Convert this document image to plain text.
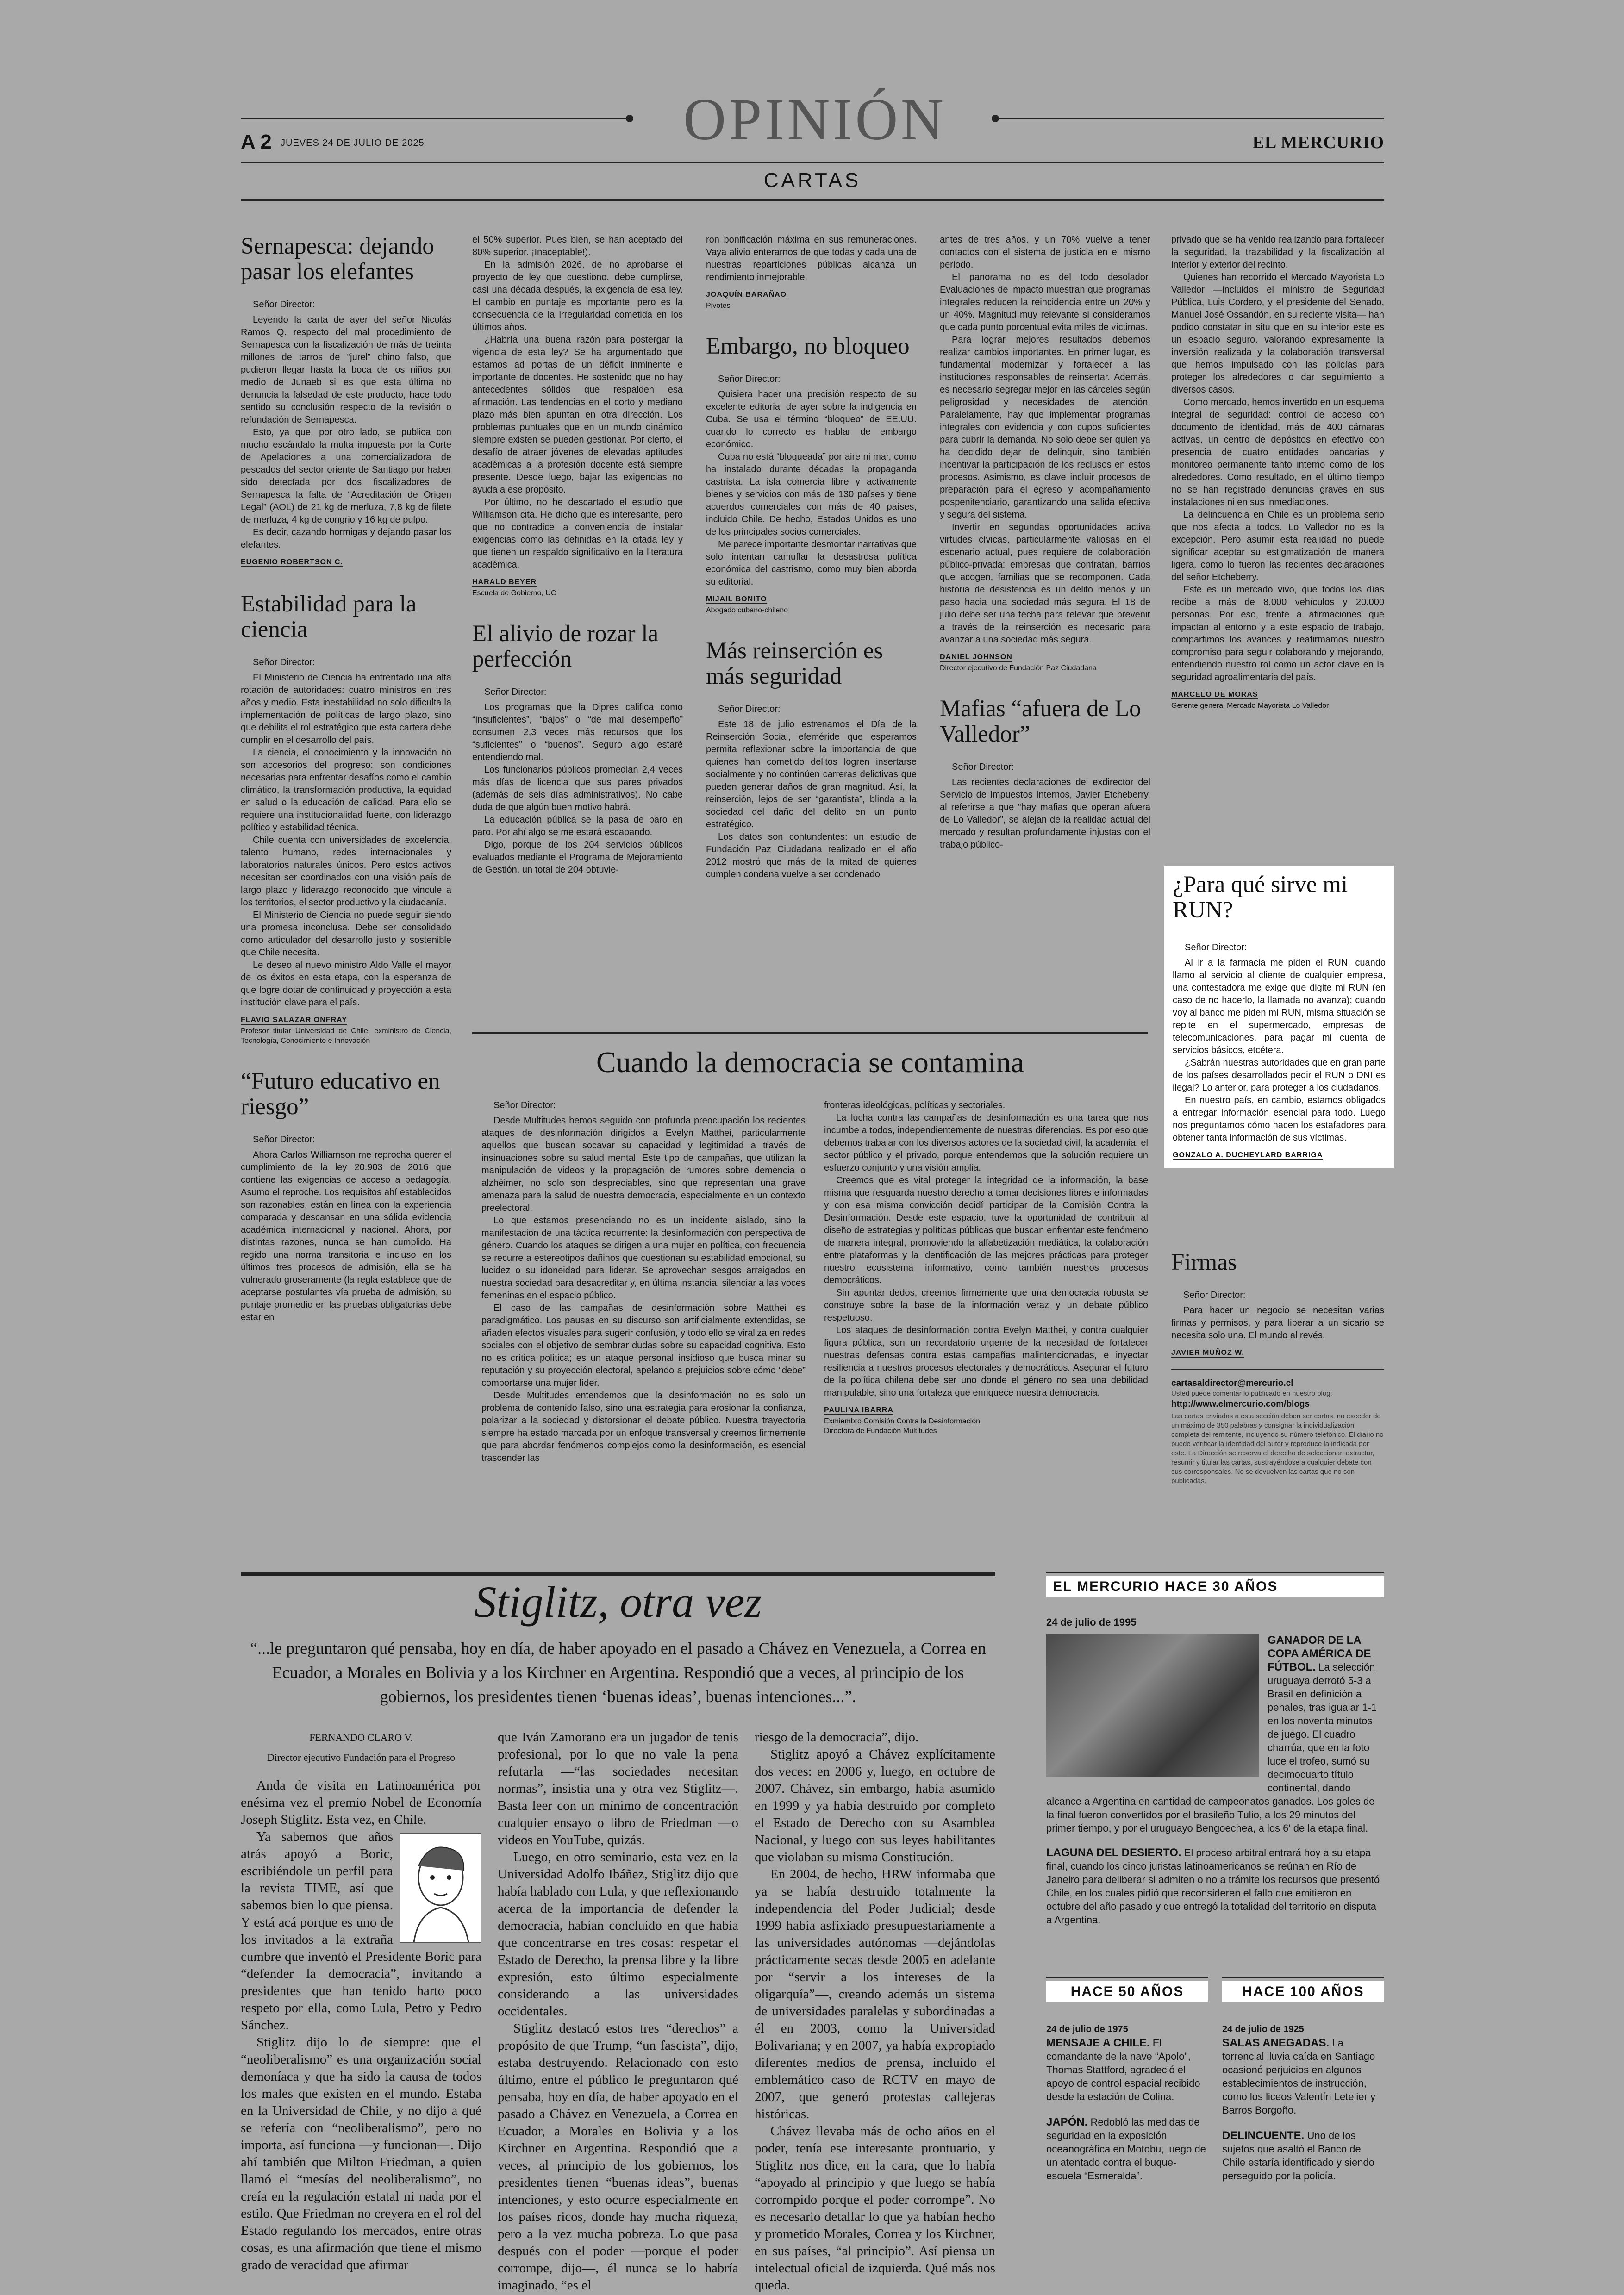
OPINIÓN
A 2 JUEVES 24 DE JULIO DE 2025	EL MERCURIO
CARTAS
Sernapesca: dejando pasar los elefantes

Señor Director:

Leyendo la carta de ayer del señor Nicolás Ramos Q. respecto del mal procedimiento de Sernapesca con la fiscalización de más de treinta millones de tarros de “jurel” chino falso, que pudieron llegar hasta la boca de los niños por medio de Junaeb si es que esta última no denuncia la falsedad de este producto, hace todo sentido su conclusión respecto de la revisión o refundación de Sernapesca.

Esto, ya que, por otro lado, se publica con mucho escándalo la multa impuesta por la Corte de Apelaciones a una comercializadora de pescados del sector oriente de Santiago por haber sido detectada por dos fiscalizadores de Sernapesca la falta de “Acreditación de Origen Legal” (AOL) de 21 kg de merluza, 7,8 kg de filete de merluza, 4 kg de congrio y 16 kg de pulpo.

Es decir, cazando hormigas y dejando pasar los elefantes.

EUGENIO ROBERTSON C.

Estabilidad para la ciencia

Señor Director:

El Ministerio de Ciencia ha enfrentado una alta rotación de autoridades: cuatro ministros en tres años y medio. Esta inestabilidad no solo dificulta la implementación de políticas de largo plazo, sino que debilita el rol estratégico que esta cartera debe cumplir en el desarrollo del país.

La ciencia, el conocimiento y la innovación no son accesorios del progreso: son condiciones necesarias para enfrentar desafíos como el cambio climático, la transformación productiva, la equidad en salud o la educación de calidad. Para ello se requiere una institucionalidad fuerte, con liderazgo político y estabilidad técnica.

Chile cuenta con universidades de excelencia, talento humano, redes internacionales y laboratorios naturales únicos. Pero estos activos necesitan ser coordinados con una visión país de largo plazo y liderazgo reconocido que vincule a los territorios, el sector productivo y la ciudadanía.

El Ministerio de Ciencia no puede seguir siendo una promesa inconclusa. Debe ser consolidado como articulador del desarrollo justo y sostenible que Chile necesita.

Le deseo al nuevo ministro Aldo Valle el mayor de los éxitos en esta etapa, con la esperanza de que logre dotar de continuidad y proyección a esta institución clave para el país.

FLAVIO SALAZAR ONFRAY

Profesor titular Universidad de Chile, exministro de Ciencia, Tecnología, Conocimiento e Innovación

“Futuro educativo en riesgo”

Señor Director:

Ahora Carlos Williamson me reprocha querer el cumplimiento de la ley 20.903 de 2016 que contiene las exigencias de acceso a pedagogía. Asumo el reproche. Los requisitos ahí establecidos son razonables, están en línea con la experiencia comparada y descansan en una sólida evidencia académica internacional y nacional. Ahora, por distintas razones, nunca se han cumplido. Ha regido una norma transitoria e incluso en los últimos tres procesos de admisión, ella se ha vulnerado groseramente (la regla establece que de aceptarse postulantes vía prueba de admisión, su puntaje promedio en las pruebas obligatorias debe estar en

el 50% superior. Pues bien, se han aceptado del 80% superior. ¡Inaceptable!).

En la admisión 2026, de no aprobarse el proyecto de ley que cuestiono, debe cumplirse, casi una década después, la exigencia de esa ley. El cambio en puntaje es importante, pero es la consecuencia de la irregularidad cometida en los últimos años.

¿Habría una buena razón para postergar la vigencia de esta ley? Se ha argumentado que estamos ad portas de un déficit inminente e importante de docentes. He sostenido que no hay antecedentes sólidos que respalden esa afirmación. Las tendencias en el corto y mediano plazo más bien apuntan en otra dirección. Los problemas puntuales que en un mundo dinámico siempre existen se pueden gestionar. Por cierto, el desafío de atraer jóvenes de elevadas aptitudes académicas a la profesión docente está siempre presente. Desde luego, bajar las exigencias no ayuda a ese propósito.

Por último, no he descartado el estudio que Williamson cita. He dicho que es interesante, pero que no contradice la conveniencia de instalar exigencias como las definidas en la citada ley y que tienen un respaldo significativo en la literatura académica.

HARALD BEYER

Escuela de Gobierno, UC

El alivio de rozar la perfección

Señor Director:

Los programas que la Dipres califica como “insuficientes”, “bajos” o “de mal desempeño” consumen 2,3 veces más recursos que los “suficientes” o “buenos”. Seguro algo estaré entendiendo mal.

Los funcionarios públicos promedian 2,4 veces más días de licencia que sus pares privados (además de seis días administrativos). No cabe duda de que algún buen motivo habrá.

La educación pública se la pasa de paro en paro. Por ahí algo se me estará escapando.

Digo, porque de los 204 servicios públicos evaluados mediante el Programa de Mejoramiento de Gestión, un total de 204 obtuvie-

ron bonificación máxima en sus remuneraciones. Vaya alivio enterarnos de que todas y cada una de nuestras reparticiones públicas alcanza un rendimiento inmejorable.

JOAQUÍN BARAÑAO

Pivotes

Embargo, no bloqueo

Señor Director:

Quisiera hacer una precisión respecto de su excelente editorial de ayer sobre la indigencia en Cuba. Se usa el término “bloqueo” de EE.UU. cuando lo correcto es hablar de embargo económico.

Cuba no está “bloqueada” por aire ni mar, como ha instalado durante décadas la propaganda castrista. La isla comercia libre y activamente bienes y servicios con más de 130 países y tiene acuerdos comerciales con más de 40 países, incluido Chile. De hecho, Estados Unidos es uno de los principales socios comerciales.

Me parece importante desmontar narrativas que solo intentan camuflar la desastrosa política económica del castrismo, como muy bien aborda su editorial.

MIJAIL BONITO

Abogado cubano-chileno

Más reinserción es más seguridad

Señor Director:

Este 18 de julio estrenamos el Día de la Reinserción Social, efeméride que esperamos permita reflexionar sobre la importancia de que quienes han cometido delitos logren insertarse socialmente y no continúen carreras delictivas que pueden generar daños de gran magnitud. Así, la reinserción, lejos de ser “garantista”, blinda a la sociedad del daño del delito en un punto estratégico.

Los datos son contundentes: un estudio de Fundación Paz Ciudadana realizado en el año 2012 mostró que más de la mitad de quienes cumplen condena vuelve a ser condenado

antes de tres años, y un 70% vuelve a tener contactos con el sistema de justicia en el mismo periodo.

El panorama no es del todo desolador. Evaluaciones de impacto muestran que programas integrales reducen la reincidencia entre un 20% y un 40%. Magnitud muy relevante si consideramos que cada punto porcentual evita miles de víctimas.

Para lograr mejores resultados debemos realizar cambios importantes. En primer lugar, es fundamental modernizar y fortalecer a las instituciones responsables de reinsertar. Además, es necesario segregar mejor en las cárceles según peligrosidad y necesidades de atención. Paralelamente, hay que implementar programas integrales con evidencia y con cupos suficientes para cubrir la demanda. No solo debe ser quien ya ha decidido dejar de delinquir, sino también incentivar la participación de los reclusos en estos procesos. Asimismo, es clave incluir procesos de preparación para el egreso y acompañamiento pospenitenciario, garantizando una salida efectiva y segura del sistema.

Invertir en segundas oportunidades activa virtudes cívicas, particularmente valiosas en el escenario actual, pues requiere de colaboración público-privada: empresas que contratan, barrios que acogen, familias que se recomponen. Cada historia de desistencia es un delito menos y un paso hacia una sociedad más segura. El 18 de julio debe ser una fecha para relevar que prevenir a través de la reinserción es necesario para avanzar a una sociedad más segura.

DANIEL JOHNSON

Director ejecutivo de Fundación Paz Ciudadana

Mafias “afuera de Lo Valledor”

Señor Director:

Las recientes declaraciones del exdirector del Servicio de Impuestos Internos, Javier Etcheberry, al referirse a que “hay mafias que operan afuera de Lo Valledor”, se alejan de la realidad actual del mercado y resultan profundamente injustas con el trabajo público-

privado que se ha venido realizando para fortalecer la seguridad, la trazabilidad y la fiscalización al interior y exterior del recinto.

Quienes han recorrido el Mercado Mayorista Lo Valledor —incluidos el ministro de Seguridad Pública, Luis Cordero, y el presidente del Senado, Manuel José Ossandón, en su reciente visita— han podido constatar in situ que en su interior este es un espacio seguro, valorando expresamente la inversión realizada y la colaboración transversal que hemos impulsado con las policías para proteger los alrededores o dar seguimiento a diversos casos.

Como mercado, hemos invertido en un esquema integral de seguridad: control de acceso con documento de identidad, más de 400 cámaras activas, un centro de depósitos en efectivo con presencia de cuatro entidades bancarias y monitoreo permanente tanto interno como de los alrededores. Como resultado, en el último tiempo no se han registrado denuncias graves en sus instalaciones ni en sus inmediaciones.

La delincuencia en Chile es un problema serio que nos afecta a todos. Lo Valledor no es la excepción. Pero asumir esta realidad no puede significar aceptar su estigmatización de manera ligera, como lo fueron las recientes declaraciones del señor Etcheberry.

Este es un mercado vivo, que todos los días recibe a más de 8.000 vehículos y 20.000 personas. Por eso, frente a afirmaciones que impactan al entorno y a este espacio de trabajo, compartimos los avances y reafirmamos nuestro compromiso para seguir colaborando y mejorando, entendiendo nuestro rol como un actor clave en la seguridad agroalimentaria del país.

MARCELO DE MORAS

Gerente general Mercado Mayorista Lo Valledor

¿Para qué sirve mi RUN?

Señor Director:

Al ir a la farmacia me piden el RUN; cuando llamo al servicio al cliente de cualquier empresa, una contestadora me exige que digite mi RUN (en caso de no hacerlo, la llamada no avanza); cuando voy al banco me piden mi RUN, misma situación se repite en el supermercado, empresas de telecomunicaciones, para pagar mi cuenta de servicios básicos, etcétera.

¿Sabrán nuestras autoridades que en gran parte de los países desarrollados pedir el RUN o DNI es ilegal? Lo anterior, para proteger a los ciudadanos.

En nuestro país, en cambio, estamos obligados a entregar información esencial para todo. Luego nos preguntamos cómo hacen los estafadores para obtener tanta información de sus víctimas.

GONZALO A. DUCHEYLARD BARRIGA

Firmas

Señor Director:

Para hacer un negocio se necesitan varias firmas y permisos, y para liberar a un sicario se necesita solo una. El mundo al revés.

JAVIER MUÑOZ W.

cartasaldirector@mercurio.cl
Usted puede comentar lo publicado en nuestro blog:
http://www.elmercurio.com/blogs
Las cartas enviadas a esta sección deben ser cortas, no exceder de un máximo de 350 palabras y consignar la individualización completa del remitente, incluyendo su número telefónico. El diario no puede verificar la identidad del autor y reproduce la indicada por este. La Dirección se reserva el derecho de seleccionar, extractar, resumir y titular las cartas, sustrayéndose a cualquier debate con sus corresponsales. No se devuelven las cartas que no son publicadas.
Cuando la democracia se contamina

Señor Director:

Desde Multitudes hemos seguido con profunda preocupación los recientes ataques de desinformación dirigidos a Evelyn Matthei, particularmente aquellos que buscan socavar su capacidad y legitimidad a través de insinuaciones sobre su salud mental. Este tipo de campañas, que utilizan la manipulación de videos y la propagación de rumores sobre demencia o alzhéimer, no solo son despreciables, sino que representan una grave amenaza para la salud de nuestra democracia, especialmente en un contexto preelectoral.

Lo que estamos presenciando no es un incidente aislado, sino la manifestación de una táctica recurrente: la desinformación con perspectiva de género. Cuando los ataques se dirigen a una mujer en política, con frecuencia se recurre a estereotipos dañinos que cuestionan su estabilidad emocional, su lucidez o su idoneidad para liderar. Se aprovechan sesgos arraigados en nuestra sociedad para desacreditar y, en última instancia, silenciar a las voces femeninas en el espacio público.

El caso de las campañas de desinformación sobre Matthei es paradigmático. Los pausas en su discurso son artificialmente extendidas, se añaden efectos visuales para sugerir confusión, y todo ello se viraliza en redes sociales con el objetivo de sembrar dudas sobre su capacidad cognitiva. Esto no es crítica política; es un ataque personal insidioso que busca minar su reputación y su proyección electoral, apelando a prejuicios sobre cómo “debe” comportarse una mujer líder.

Desde Multitudes entendemos que la desinformación no es solo un problema de contenido falso, sino una estrategia para erosionar la confianza, polarizar a la sociedad y distorsionar el debate público. Nuestra trayectoria siempre ha estado marcada por un enfoque transversal y creemos firmemente que para abordar fenómenos complejos como la desinformación, es esencial trascender las

fronteras ideológicas, políticas y sectoriales.

La lucha contra las campañas de desinformación es una tarea que nos incumbe a todos, independientemente de nuestras diferencias. Es por eso que debemos trabajar con los diversos actores de la sociedad civil, la academia, el sector público y el privado, porque entendemos que la solución requiere un esfuerzo conjunto y una visión amplia.

Creemos que es vital proteger la integridad de la información, la base misma que resguarda nuestro derecho a tomar decisiones libres e informadas y con esa misma convicción decidí participar de la Comisión Contra la Desinformación. Desde este espacio, tuve la oportunidad de contribuir al diseño de estrategias y políticas públicas que buscan enfrentar este fenómeno de manera integral, promoviendo la alfabetización mediática, la colaboración entre plataformas y la identificación de las mejores prácticas para proteger nuestro ecosistema informativo, como también nuestros procesos democráticos.

Sin apuntar dedos, creemos firmemente que una democracia robusta se construye sobre la base de la información veraz y un debate público respetuoso.

Los ataques de desinformación contra Evelyn Matthei, y contra cualquier figura pública, son un recordatorio urgente de la necesidad de fortalecer nuestras defensas contra estas campañas malintencionadas, e inyectar resiliencia a nuestros procesos electorales y democráticos. Asegurar el futuro de la política chilena debe ser uno donde el género no sea una debilidad manipulable, sino una fortaleza que enriquece nuestra democracia.

PAULINA IBARRA

Exmiembro Comisión Contra la Desinformación

Directora de Fundación Multitudes

Stiglitz, otra vez
“...le preguntaron qué pensaba, hoy en día, de haber apoyado en el pasado a Chávez en Venezuela, a Correa en Ecuador, a Morales en Bolivia y a los Kirchner en Argentina. Respondió que a veces, al principio de los gobiernos, los presidentes tienen ‘buenas ideas’, buenas intenciones...”.
FERNANDO CLARO V.
Director ejecutivo Fundación para el Progreso

Anda de visita en Latinoamérica por enésima vez el premio Nobel de Economía Joseph Stiglitz. Esta vez, en Chile.

Ya sabemos que años atrás apoyó a Boric, escribiéndole un perfil para la revista TIME, así que sabemos bien lo que piensa. Y está acá porque es uno de los invitados a la extraña cumbre que inventó el Presidente Boric para “defender la democracia”, invitando a presidentes que han tenido harto poco respeto por ella, como Lula, Petro y Pedro Sánchez.

Stiglitz dijo lo de siempre: que el “neoliberalismo” es una organización social demoníaca y que ha sido la causa de todos los males que existen en el mundo. Estaba en la Universidad de Chile, y no dijo a qué se refería con “neoliberalismo”, pero no importa, así funciona —y funcionan—. Dijo ahí también que Milton Friedman, a quien llamó el “mesías del neoliberalismo”, no creía en la regulación estatal ni nada por el estilo. Que Friedman no creyera en el rol del Estado regulando los mercados, entre otras cosas, es una afirmación que tiene el mismo grado de veracidad que afirmar

que Iván Zamorano era un jugador de tenis profesional, por lo que no vale la pena refutarla —“las sociedades necesitan normas”, insistía una y otra vez Stiglitz—. Basta leer con un mínimo de concentración cualquier ensayo o libro de Friedman —o videos en YouTube, quizás.

Luego, en otro seminario, esta vez en la Universidad Adolfo Ibáñez, Stiglitz dijo que había hablado con Lula, y que reflexionando acerca de la importancia de defender la democracia, habían concluido en que había que concentrarse en tres cosas: respetar el Estado de Derecho, la prensa libre y la libre expresión, esto último especialmente considerando a las universidades occidentales.

Stiglitz destacó estos tres “derechos” a propósito de que Trump, “un fascista”, dijo, estaba destruyendo. Relacionado con esto último, entre el público le preguntaron qué pensaba, hoy en día, de haber apoyado en el pasado a Chávez en Venezuela, a Correa en Ecuador, a Morales en Bolivia y a los Kirchner en Argentina. Respondió que a veces, al principio de los gobiernos, los presidentes tienen “buenas ideas”, buenas intenciones, y esto ocurre especialmente en los países ricos, donde hay mucha riqueza, pero a la vez mucha pobreza. Lo que pasa después con el poder —porque el poder corrompe, dijo—, él nunca se lo habría imaginado, “es el

riesgo de la democracia”, dijo.

Stiglitz apoyó a Chávez explícitamente dos veces: en 2006 y, luego, en octubre de 2007. Chávez, sin embargo, había asumido en 1999 y ya había destruido por completo el Estado de Derecho con su Asamblea Nacional, y luego con sus leyes habilitantes que violaban su misma Constitución.

En 2004, de hecho, HRW informaba que ya se había destruido totalmente la independencia del Poder Judicial; desde 1999 había asfixiado presupuestariamente a las universidades autónomas —dejándolas prácticamente secas desde 2005 en adelante por “servir a los intereses de la oligarquía”—, creando además un sistema de universidades paralelas y subordinadas a él en 2003, como la Universidad Bolivariana; y en 2007, ya había expropiado diferentes medios de prensa, incluido el emblemático caso de RCTV en mayo de 2007, que generó protestas callejeras históricas.

Chávez llevaba más de ocho años en el poder, tenía ese interesante prontuario, y Stiglitz nos dice, en la cara, que lo había “apoyado al principio y que luego se había corrompido porque el poder corrompe”. No es necesario detallar lo que ya habían hecho y prometido Morales, Correa y los Kirchner, en sus países, “al principio”. Así piensa un intelectual oficial de izquierda. Qué más nos queda.

EL MERCURIO HACE 30 AÑOS
24 de julio de 1995
GANADOR DE LA COPA AMÉRICA DE FÚTBOL. La selección uruguaya derrotó 5-3 a Brasil en definición a penales, tras igualar 1-1 en los noventa minutos de juego. El cuadro charrúa, que en la foto luce el trofeo, sumó su decimocuarto título continental, dando alcance a Argentina en cantidad de campeonatos ganados. Los goles de la final fueron convertidos por el brasileño Tulio, a los 29 minutos del primer tiempo, y por el uruguayo Bengoechea, a los 6' de la etapa final.
LAGUNA DEL DESIERTO. El proceso arbitral entrará hoy a su etapa final, cuando los cinco juristas latinoamericanos se reúnan en Río de Janeiro para deliberar si admiten o no a trámite los recursos que presentó Chile, en los cuales pidió que reconsideren el fallo que emitieron en octubre del año pasado y que entregó la totalidad del territorio en disputa a Argentina.
HACE 50 AÑOS
24 de julio de 1975
MENSAJE A CHILE. El comandante de la nave “Apolo”, Thomas Stattford, agradeció el apoyo de control espacial recibido desde la estación de Colina.
JAPÓN. Redobló las medidas de seguridad en la exposición oceanográfica en Motobu, luego de un atentado contra el buque-escuela “Esmeralda”.
HACE 100 AÑOS
24 de julio de 1925
SALAS ANEGADAS. La torrencial lluvia caída en Santiago ocasionó perjuicios en algunos establecimientos de instrucción, como los liceos Valentín Letelier y Barros Borgoño.
DELINCUENTE. Uno de los sujetos que asaltó el Banco de Chile estaría identificado y siendo perseguido por la policía.
